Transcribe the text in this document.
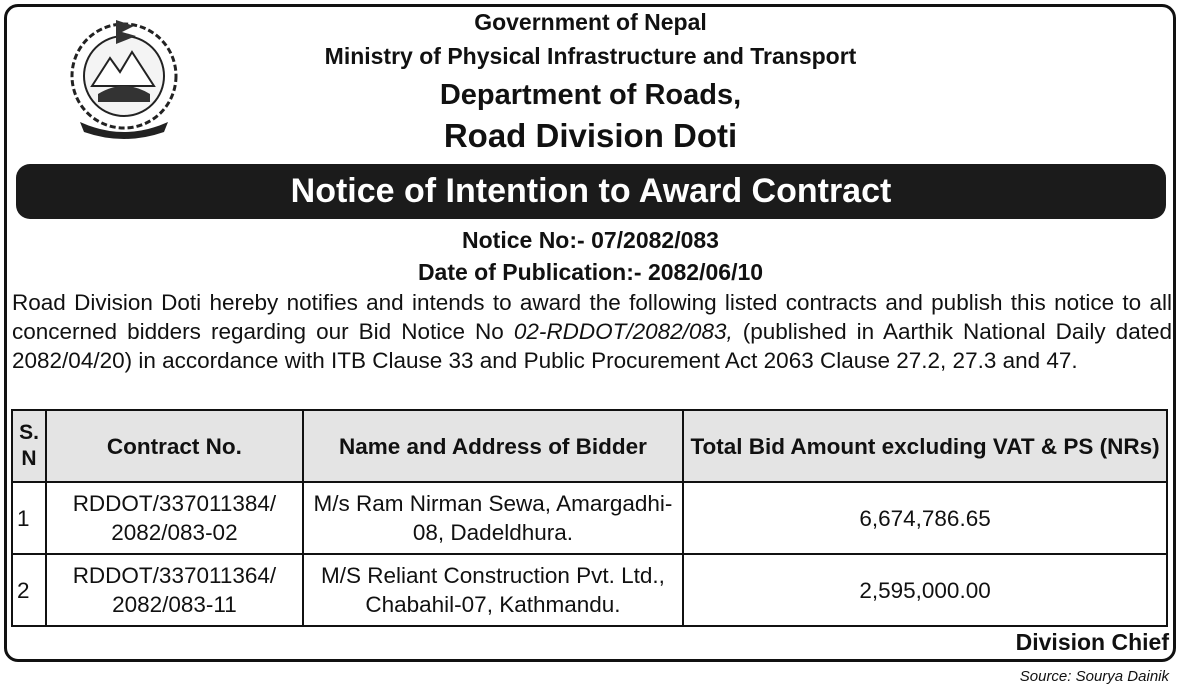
Government of Nepal
Ministry of Physical Infrastructure and Transport
Department of Roads,
Road Division Doti
Notice of Intention to Award Contract
Notice No:- 07/2082/083
Date of Publication:- 2082/06/10

Road Division Doti hereby notifies and intends to award the following listed contracts and publish this notice to all concerned bidders regarding our Bid Notice No 02-RDDOT/2082/083, (published in Aarthik National Daily dated 2082/04/20) in accordance with ITB Clause 33 and Public Procurement Act 2063 Clause 27.2, 27.3 and 47.

S. N	Contract No.	Name and Address of Bidder	Total Bid Amount excluding VAT & PS (NRs)
1	RDDOT/337011384/ 2082/083-02	M/s Ram Nirman Sewa, Amargadhi-08, Dadeldhura.	6,674,786.65
2	RDDOT/337011364/ 2082/083-11	M/S Reliant Construction Pvt. Ltd., Chabahil-07, Kathmandu.	2,595,000.00
Division Chief
Source: Sourya Dainik
